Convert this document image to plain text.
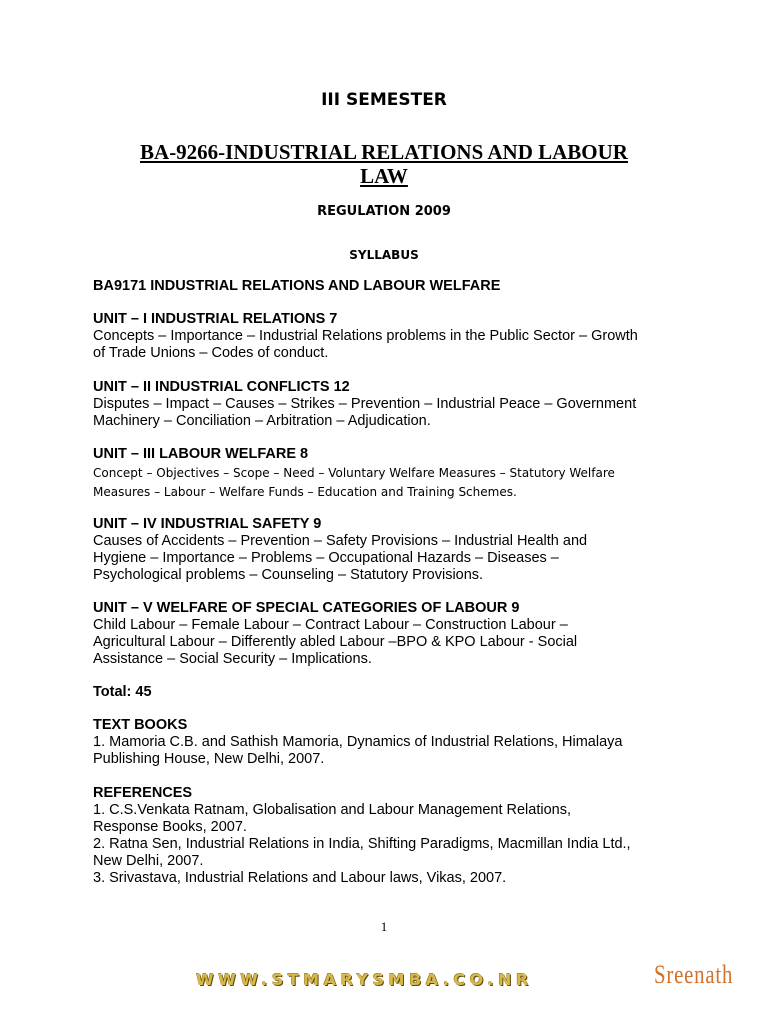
III SEMESTER
BA-9266-INDUSTRIAL RELATIONS AND LABOUR
LAW
REGULATION 2009
SYLLABUS
BA9171 INDUSTRIAL RELATIONS AND LABOUR WELFARE
UNIT – I INDUSTRIAL RELATIONS 7
Concepts – Importance – Industrial Relations problems in the Public Sector – Growth
of Trade Unions – Codes of conduct.
UNIT – II INDUSTRIAL CONFLICTS 12
Disputes – Impact – Causes – Strikes – Prevention – Industrial Peace – Government
Machinery – Conciliation – Arbitration – Adjudication.
UNIT – III LABOUR WELFARE 8
Concept – Objectives – Scope – Need – Voluntary Welfare Measures – Statutory Welfare
Measures – Labour – Welfare Funds – Education and Training Schemes.
UNIT – IV INDUSTRIAL SAFETY 9
Causes of Accidents – Prevention – Safety Provisions – Industrial Health and
Hygiene – Importance – Problems – Occupational Hazards – Diseases –
Psychological problems – Counseling – Statutory Provisions.
UNIT – V WELFARE OF SPECIAL CATEGORIES OF LABOUR 9
Child Labour – Female Labour – Contract Labour – Construction Labour –
Agricultural Labour – Differently abled Labour –BPO & KPO Labour - Social
Assistance – Social Security – Implications.
Total: 45
TEXT BOOKS
1. Mamoria C.B. and Sathish Mamoria, Dynamics of Industrial Relations, Himalaya
Publishing House, New Delhi, 2007.
REFERENCES
1. C.S.Venkata Ratnam, Globalisation and Labour Management Relations,
Response Books, 2007.
2. Ratna Sen, Industrial Relations in India, Shifting Paradigms, Macmillan India Ltd.,
New Delhi, 2007.
3. Srivastava, Industrial Relations and Labour laws, Vikas, 2007.
1
WWW.STMARYSMBA.CO.NR	Sreenath
